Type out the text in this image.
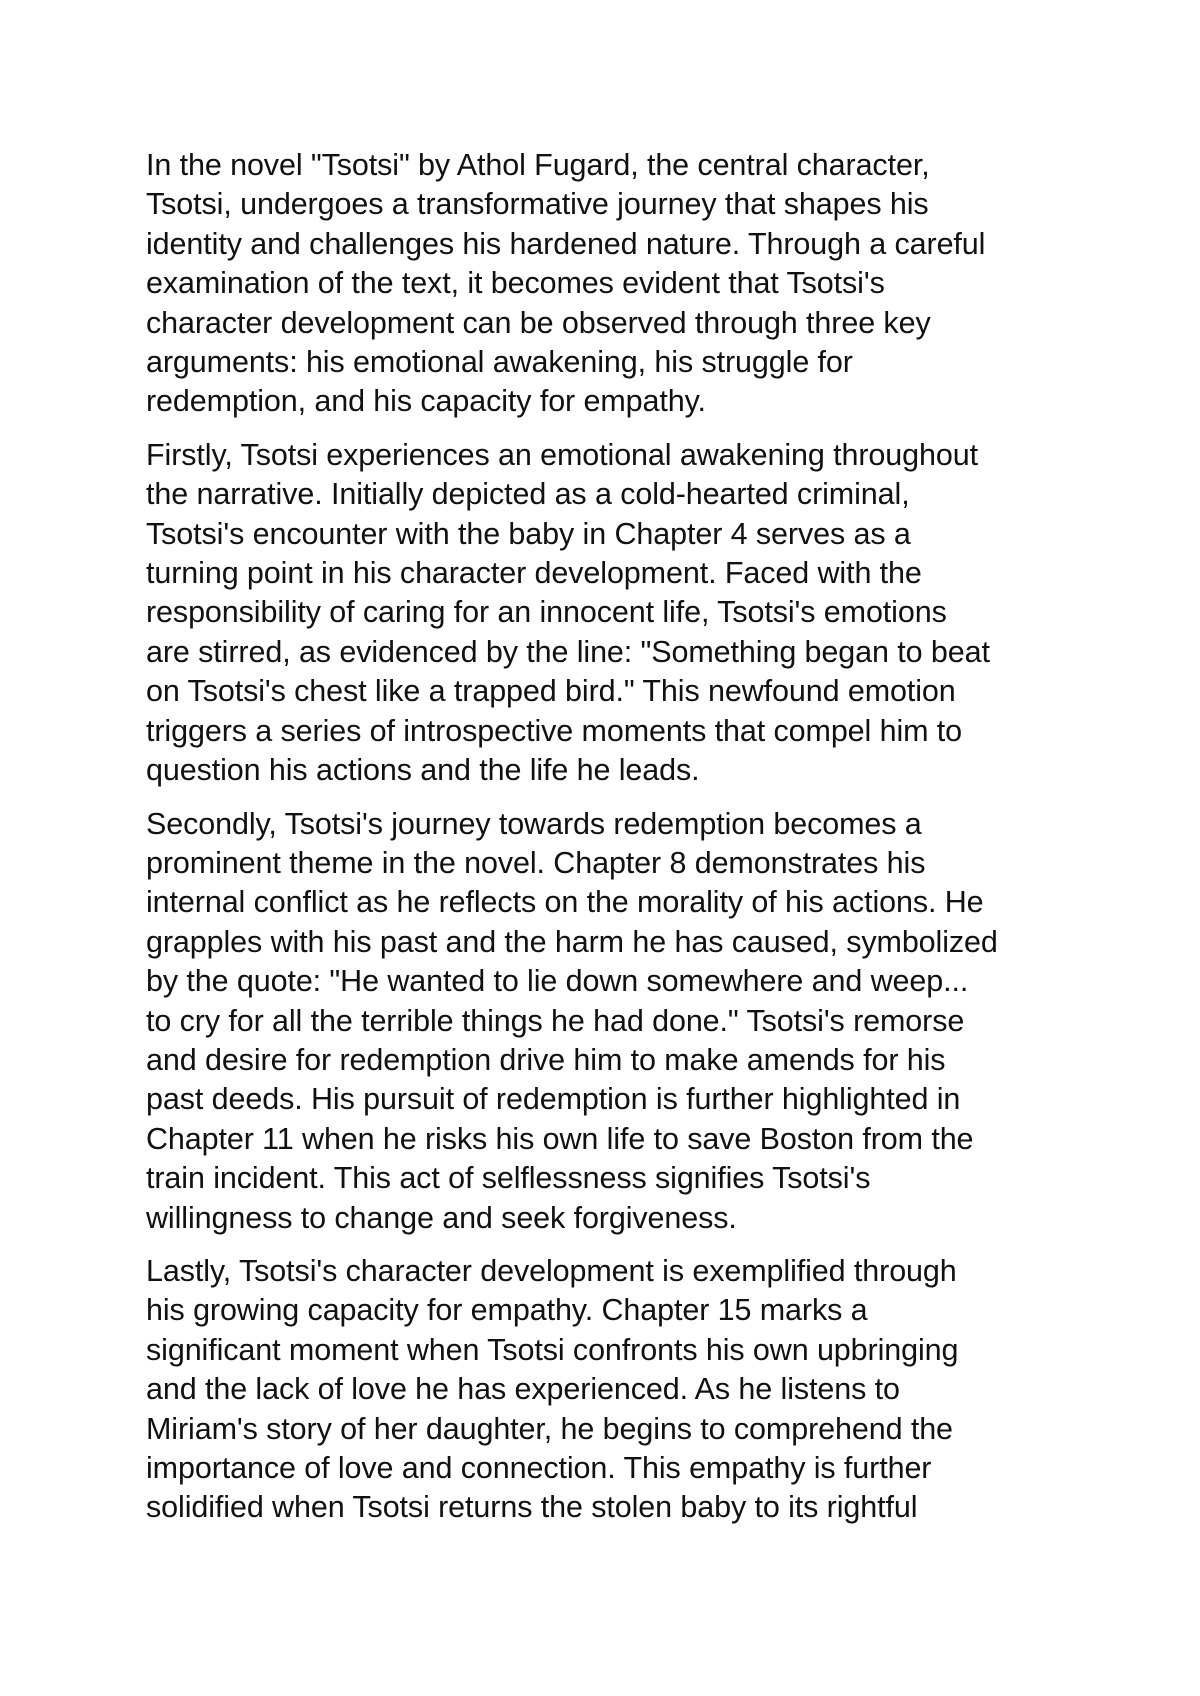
In the novel "Tsotsi" by Athol Fugard, the central character,
Tsotsi, undergoes a transformative journey that shapes his
identity and challenges his hardened nature. Through a careful
examination of the text, it becomes evident that Tsotsi's
character development can be observed through three key
arguments: his emotional awakening, his struggle for
redemption, and his capacity for empathy.

Firstly, Tsotsi experiences an emotional awakening throughout
the narrative. Initially depicted as a cold-hearted criminal,
Tsotsi's encounter with the baby in Chapter 4 serves as a
turning point in his character development. Faced with the
responsibility of caring for an innocent life, Tsotsi's emotions
are stirred, as evidenced by the line: "Something began to beat
on Tsotsi's chest like a trapped bird." This newfound emotion
triggers a series of introspective moments that compel him to
question his actions and the life he leads.

Secondly, Tsotsi's journey towards redemption becomes a
prominent theme in the novel. Chapter 8 demonstrates his
internal conflict as he reflects on the morality of his actions. He
grapples with his past and the harm he has caused, symbolized
by the quote: "He wanted to lie down somewhere and weep...
to cry for all the terrible things he had done." Tsotsi's remorse
and desire for redemption drive him to make amends for his
past deeds. His pursuit of redemption is further highlighted in
Chapter 11 when he risks his own life to save Boston from the
train incident. This act of selflessness signifies Tsotsi's
willingness to change and seek forgiveness.

Lastly, Tsotsi's character development is exemplified through
his growing capacity for empathy. Chapter 15 marks a
significant moment when Tsotsi confronts his own upbringing
and the lack of love he has experienced. As he listens to
Miriam's story of her daughter, he begins to comprehend the
importance of love and connection. This empathy is further
solidified when Tsotsi returns the stolen baby to its rightful
